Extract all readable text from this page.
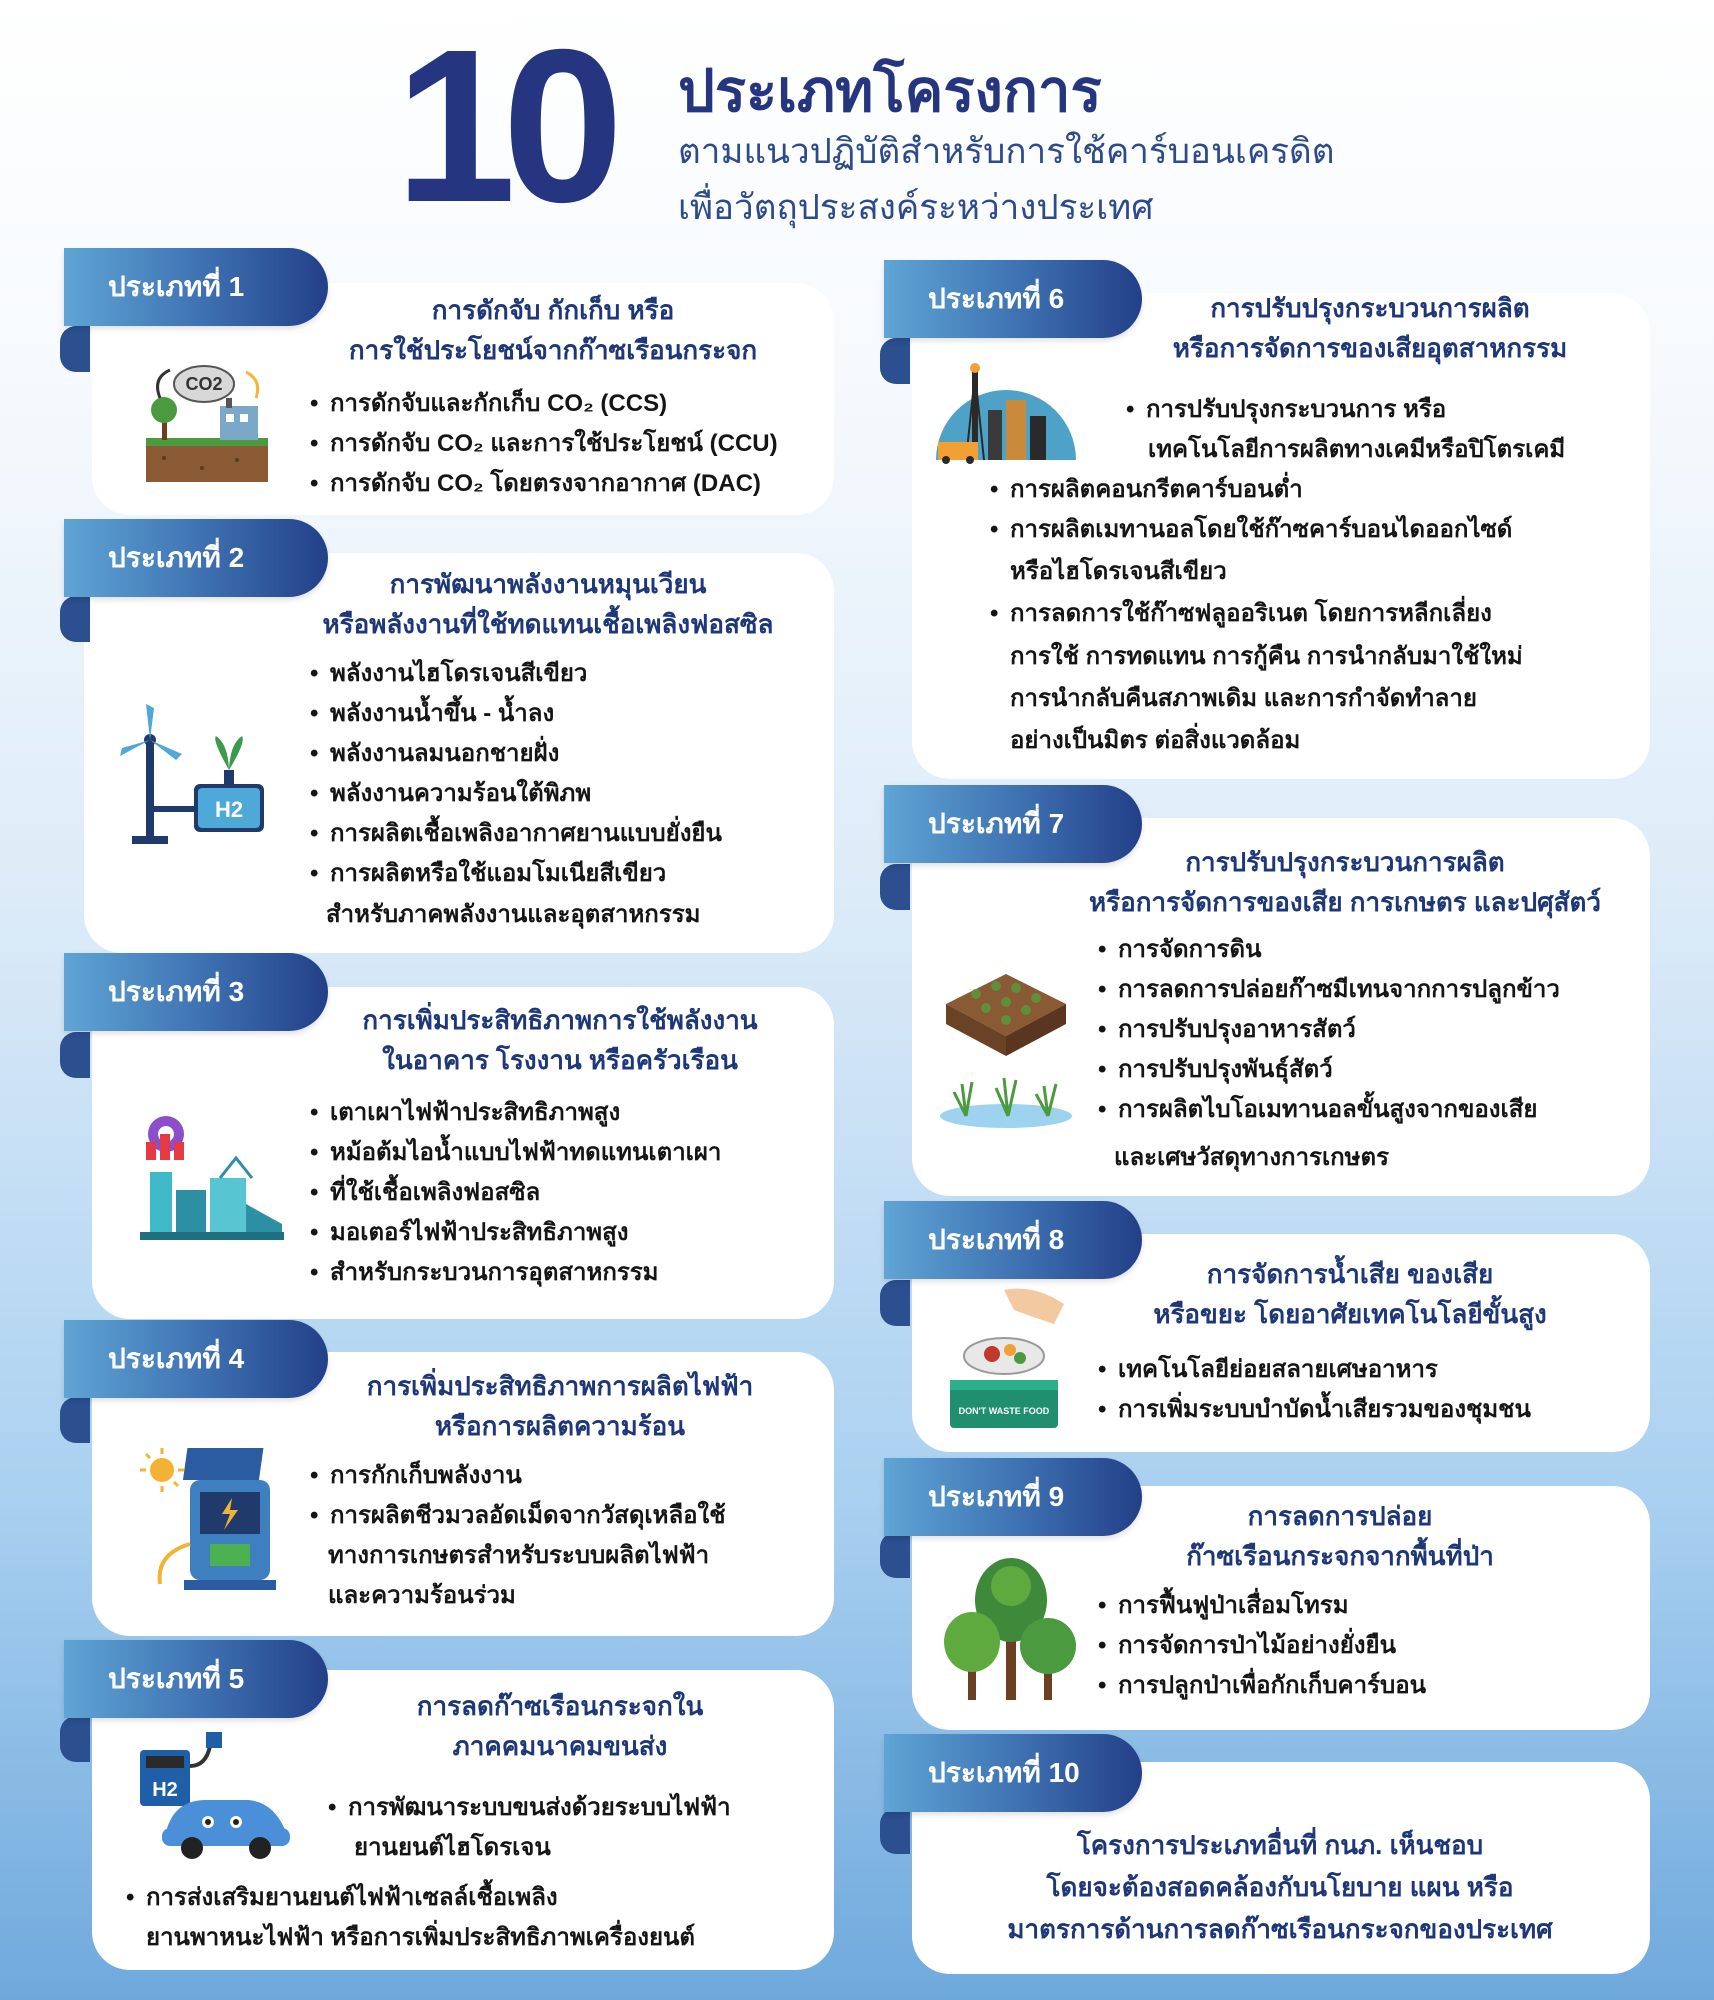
10 ประเภทโครงการ
ตามแนวปฏิบัติสำหรับการใช้คาร์บอนเครดิต
เพื่อวัตถุประสงค์ระหว่างประเทศ
ประเภทที่ 1
การดักจับ กักเก็บ หรือ
การใช้ประโยชน์จากก๊าซเรือนกระจก
CO2
• การดักจับและกักเก็บ CO₂ (CCS)
• การดักจับ CO₂ และการใช้ประโยชน์ (CCU)
• การดักจับ CO₂ โดยตรงจากอากาศ (DAC)
ประเภทที่ 2
การพัฒนาพลังงานหมุนเวียน
หรือพลังงานที่ใช้ทดแทนเชื้อเพลิงฟอสซิล
H2
• พลังงานไฮโดรเจนสีเขียว
• พลังงานน้ำขึ้น - น้ำลง
• พลังงานลมนอกชายฝั่ง
• พลังงานความร้อนใต้พิภพ
• การผลิตเชื้อเพลิงอากาศยานแบบยั่งยืน
• การผลิตหรือใช้แอมโมเนียสีเขียว
สำหรับภาคพลังงานและอุตสาหกรรม
ประเภทที่ 3
การเพิ่มประสิทธิภาพการใช้พลังงาน
ในอาคาร โรงงาน หรือครัวเรือน
• เตาเผาไฟฟ้าประสิทธิภาพสูง
• หม้อต้มไอน้ำแบบไฟฟ้าทดแทนเตาเผา
• ที่ใช้เชื้อเพลิงฟอสซิล
• มอเตอร์ไฟฟ้าประสิทธิภาพสูง
• สำหรับกระบวนการอุตสาหกรรม
ประเภทที่ 4
การเพิ่มประสิทธิภาพการผลิตไฟฟ้า
หรือการผลิตความร้อน
• การกักเก็บพลังงาน
• การผลิตชีวมวลอัดเม็ดจากวัสดุเหลือใช้
ทางการเกษตรสำหรับระบบผลิตไฟฟ้า
และความร้อนร่วม
ประเภทที่ 5
การลดก๊าซเรือนกระจกใน
ภาคคมนาคมขนส่ง
H2
• การพัฒนาระบบขนส่งด้วยระบบไฟฟ้า
ยานยนต์ไฮโดรเจน
• การส่งเสริมยานยนต์ไฟฟ้าเซลล์เชื้อเพลิง
ยานพาหนะไฟฟ้า หรือการเพิ่มประสิทธิภาพเครื่องยนต์
ประเภทที่ 6	การปรับปรุงกระบวนการผลิต
หรือการจัดการของเสียอุตสาหกรรม
• การปรับปรุงกระบวนการ หรือ
เทคโนโลยีการผลิตทางเคมีหรือปิโตรเคมี
• การผลิตคอนกรีตคาร์บอนต่ำ
• การผลิตเมทานอลโดยใช้ก๊าซคาร์บอนไดออกไซด์
หรือไฮโดรเจนสีเขียว
• การลดการใช้ก๊าซฟลูออริเนต โดยการหลีกเลี่ยง
การใช้ การทดแทน การกู้คืน การนำกลับมาใช้ใหม่
การนำกลับคืนสภาพเดิม และการกำจัดทำลาย
อย่างเป็นมิตร ต่อสิ่งแวดล้อม
ประเภทที่ 7
การปรับปรุงกระบวนการผลิต
หรือการจัดการของเสีย การเกษตร และปศุสัตว์
• การจัดการดิน
• การลดการปล่อยก๊าซมีเทนจากการปลูกข้าว
• การปรับปรุงอาหารสัตว์
• การปรับปรุงพันธุ์สัตว์
• การผลิตไบโอเมทานอลขั้นสูงจากของเสีย
และเศษวัสดุทางการเกษตร
ประเภทที่ 8
การจัดการน้ำเสีย ของเสีย
หรือขยะ โดยอาศัยเทคโนโลยีขั้นสูง
DON'T WASTE FOOD
• เทคโนโลยีย่อยสลายเศษอาหาร
• การเพิ่มระบบบำบัดน้ำเสียรวมของชุมชน
ประเภทที่ 9
การลดการปล่อย
ก๊าซเรือนกระจกจากพื้นที่ป่า
• การฟื้นฟูป่าเสื่อมโทรม
• การจัดการป่าไม้อย่างยั่งยืน
• การปลูกป่าเพื่อกักเก็บคาร์บอน
ประเภทที่ 10
โครงการประเภทอื่นที่ กนภ. เห็นชอบ
โดยจะต้องสอดคล้องกับนโยบาย แผน หรือ
มาตรการด้านการลดก๊าซเรือนกระจกของประเทศ
